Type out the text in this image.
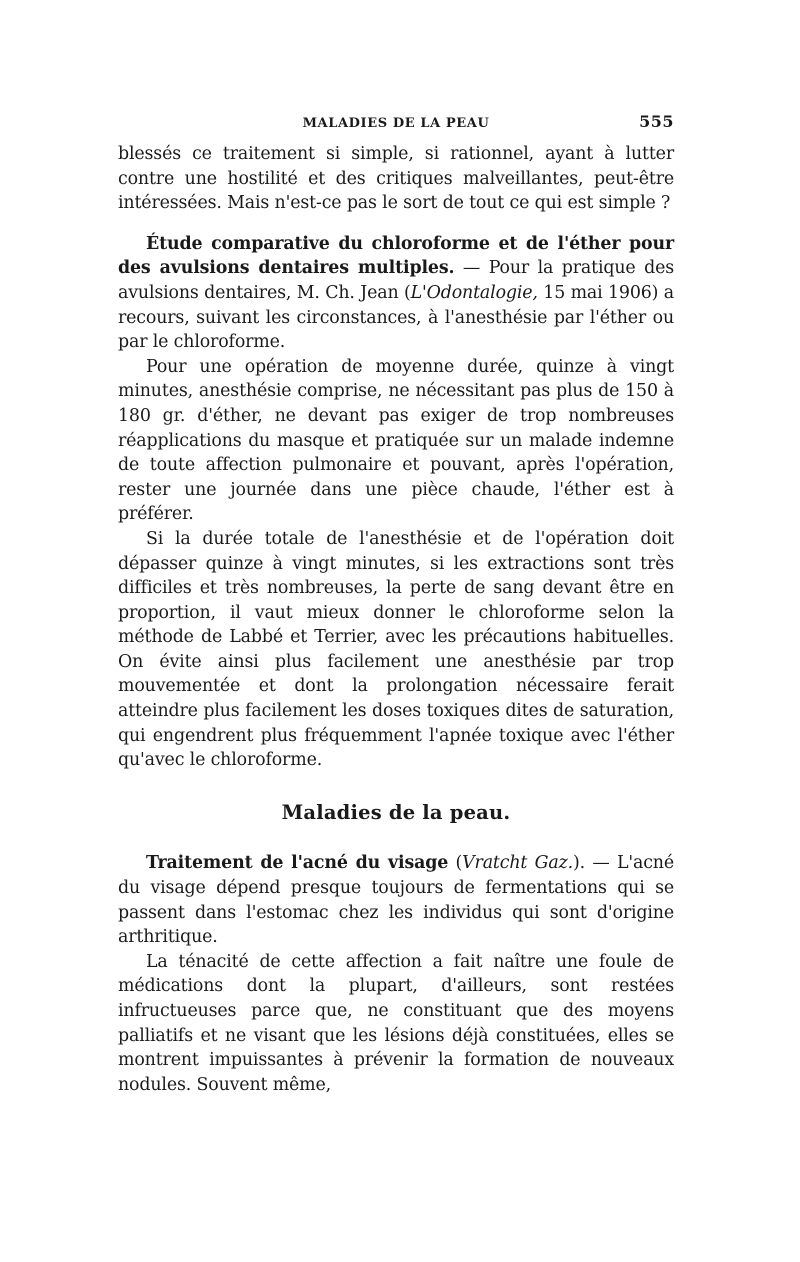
MALADIES DE LA PEAU	555

blessés ce traitement si simple, si rationnel, ayant à lutter contre une hostilité et des critiques malveillantes, peut-être intéressées. Mais n'est-ce pas le sort de tout ce qui est simple ?

Étude comparative du chloroforme et de l'éther pour des avulsions dentaires multiples. — Pour la pratique des avulsions dentaires, M. Ch. Jean (L'Odontalogie, 15 mai 1906) a recours, suivant les circonstances, à l'anesthésie par l'éther ou par le chloroforme.

Pour une opération de moyenne durée, quinze à vingt minutes, anesthésie comprise, ne nécessitant pas plus de 150 à 180 gr. d'éther, ne devant pas exiger de trop nombreuses réapplications du masque et pratiquée sur un malade indemne de toute affection pulmonaire et pouvant, après l'opération, rester une journée dans une pièce chaude, l'éther est à préférer.

Si la durée totale de l'anesthésie et de l'opération doit dépasser quinze à vingt minutes, si les extractions sont très difficiles et très nombreuses, la perte de sang devant être en proportion, il vaut mieux donner le chloroforme selon la méthode de Labbé et Terrier, avec les précautions habituelles. On évite ainsi plus facilement une anesthésie par trop mouvementée et dont la prolongation nécessaire ferait atteindre plus facilement les doses toxiques dites de saturation, qui engendrent plus fréquemment l'apnée toxique avec l'éther qu'avec le chloroforme.

Maladies de la peau.

Traitement de l'acné du visage (Vratcht Gaz.). — L'acné du visage dépend presque toujours de fermentations qui se passent dans l'estomac chez les individus qui sont d'origine arthritique.

La ténacité de cette affection a fait naître une foule de médications dont la plupart, d'ailleurs, sont restées infructueuses parce que, ne constituant que des moyens palliatifs et ne visant que les lésions déjà constituées, elles se montrent impuissantes à prévenir la formation de nouveaux nodules. Souvent même,
